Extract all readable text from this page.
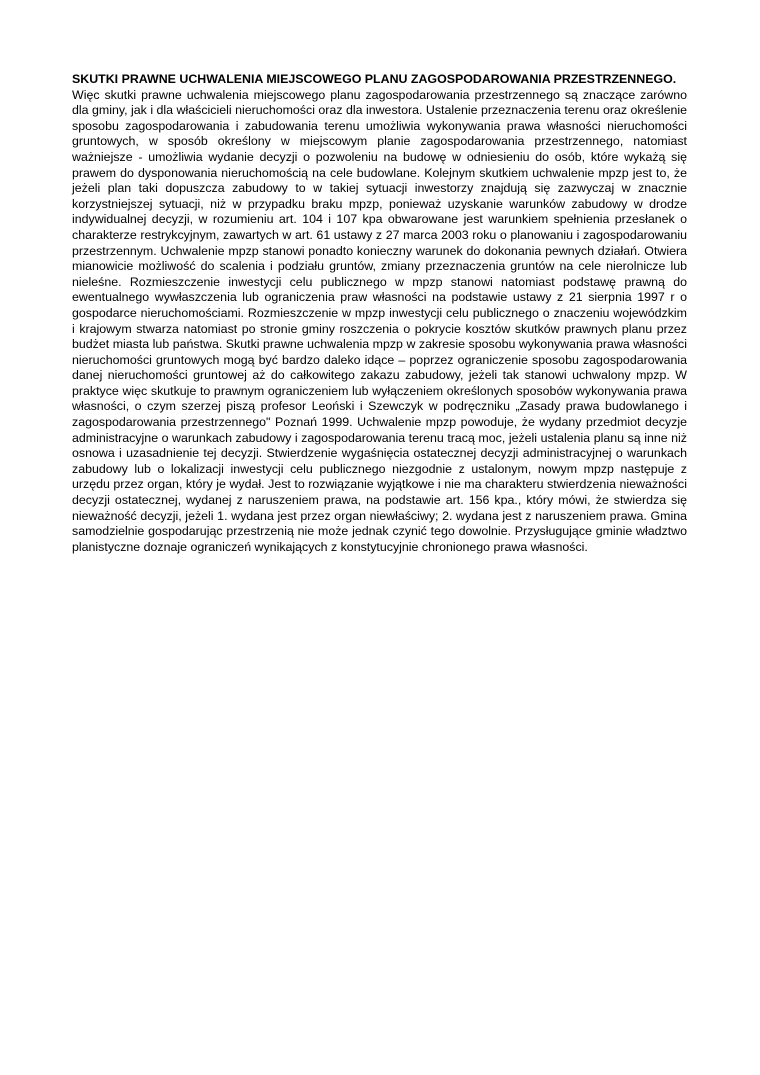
SKUTKI PRAWNE UCHWALENIA MIEJSCOWEGO PLANU ZAGOSPODAROWANIA PRZESTRZENNEGO.

Więc skutki prawne uchwalenia miejscowego planu zagospodarowania przestrzennego są znaczące zarówno dla gminy, jak i dla właścicieli nieruchomości oraz dla inwestora. Ustalenie przeznaczenia terenu oraz określenie sposobu zagospodarowania i zabudowania terenu umożliwia wykonywania prawa własności nieruchomości gruntowych, w sposób określony w miejscowym planie zagospodarowania przestrzennego, natomiast ważniejsze - umożliwia wydanie decyzji o pozwoleniu na budowę w odniesieniu do osób, które wykażą się prawem do dysponowania nieruchomością na cele budowlane. Kolejnym skutkiem uchwalenie mpzp jest to, że jeżeli plan taki dopuszcza zabudowy to w takiej sytuacji inwestorzy znajdują się zazwyczaj w znacznie korzystniejszej sytuacji, niż w przypadku braku mpzp, ponieważ uzyskanie warunków zabudowy w drodze indywidualnej decyzji, w rozumieniu art. 104 i 107 kpa obwarowane jest warunkiem spełnienia przesłanek o charakterze restrykcyjnym, zawartych w art. 61 ustawy z 27 marca 2003 roku o planowaniu i zagospodarowaniu przestrzennym. Uchwalenie mpzp stanowi ponadto konieczny warunek do dokonania pewnych działań. Otwiera mianowicie możliwość do scalenia i podziału gruntów, zmiany przeznaczenia gruntów na cele nierolnicze lub nieleśne. Rozmieszczenie inwestycji celu publicznego w mpzp stanowi natomiast podstawę prawną do ewentualnego wywłaszczenia lub ograniczenia praw własności na podstawie ustawy z 21 sierpnia 1997 r o gospodarce nieruchomościami. Rozmieszczenie w mpzp inwestycji celu publicznego o znaczeniu wojewódzkim i krajowym stwarza natomiast po stronie gminy roszczenia o pokrycie kosztów skutków prawnych planu przez budżet miasta lub państwa. Skutki prawne uchwalenia mpzp w zakresie sposobu wykonywania prawa własności nieruchomości gruntowych mogą być bardzo daleko idące – poprzez ograniczenie sposobu zagospodarowania danej nieruchomości gruntowej aż do całkowitego zakazu zabudowy, jeżeli tak stanowi uchwalony mpzp. W praktyce więc skutkuje to prawnym ograniczeniem lub wyłączeniem określonych sposobów wykonywania prawa własności, o czym szerzej piszą profesor Leoński i Szewczyk w podręczniku „Zasady prawa budowlanego i zagospodarowania przestrzennego" Poznań 1999. Uchwalenie mpzp powoduje, że wydany przedmiot decyzje administracyjne o warunkach zabudowy i zagospodarowania terenu tracą moc, jeżeli ustalenia planu są inne niż osnowa i uzasadnienie tej decyzji. Stwierdzenie wygaśnięcia ostatecznej decyzji administracyjnej o warunkach zabudowy lub o lokalizacji inwestycji celu publicznego niezgodnie z ustalonym, nowym mpzp następuje z urzędu przez organ, który je wydał. Jest to rozwiązanie wyjątkowe i nie ma charakteru stwierdzenia nieważności decyzji ostatecznej, wydanej z naruszeniem prawa, na podstawie art. 156 kpa., który mówi, że stwierdza się nieważność decyzji, jeżeli 1. wydana jest przez organ niewłaściwy; 2. wydana jest z naruszeniem prawa. Gmina samodzielnie gospodarując przestrzenią nie może jednak czynić tego dowolnie. Przysługujące gminie władztwo planistyczne doznaje ograniczeń wynikających z konstytucyjnie chronionego prawa własności.
